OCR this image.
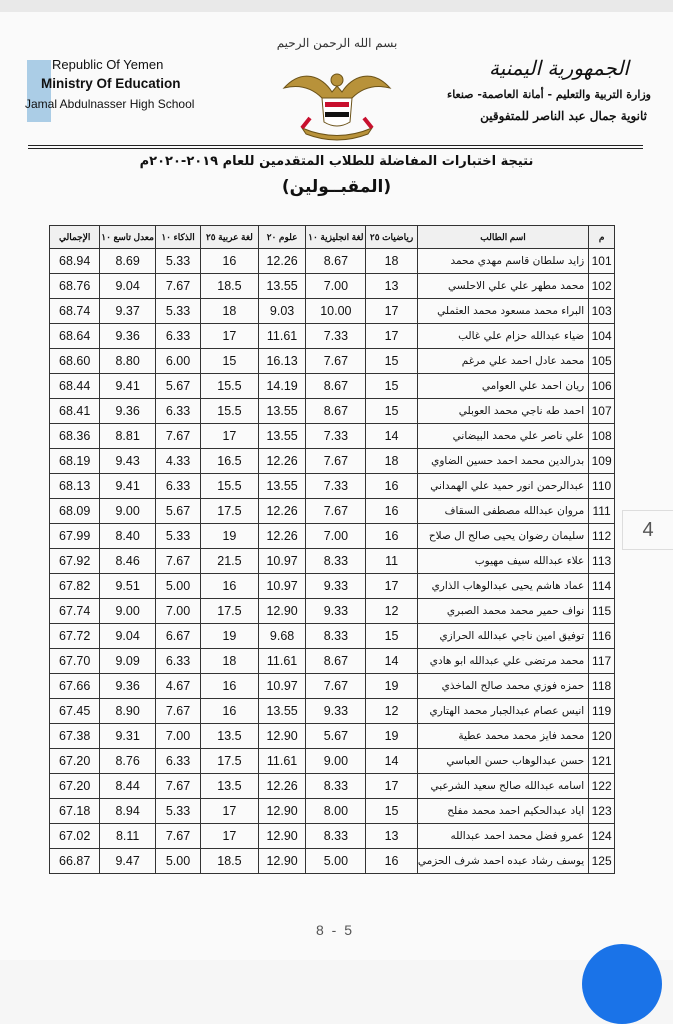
Republic Of Yemen
Ministry Of Education
Jamal Abdulnasser High School
بسم الله الرحمن الرحيم
الجمهورية اليمنية
وزارة التربية والتعليم - أمانة العاصمة- صنعاء
ثانوية جمال عبد الناصر للمتفوقين
نتيجة اختبارات المفاضلة للطلاب المتقدمين للعام ٢٠١٩-٢٠٢٠م
(المقبــولين)
م	اسم الطالب	رياضيات ٢٥	لغة انجليزية ١٠	علوم ٢٠	لغة عربية ٢٥	الذكاء ١٠	معدل تاسع ١٠	الإجمالي
101	زايد سلطان قاسم مهدي محمد	18	8.67	12.26	16	5.33	8.69	68.94
102	محمد مطهر علي علي الاحلسي	13	7.00	13.55	18.5	7.67	9.04	68.76
103	البراء محمد مسعود محمد العثملي	17	10.00	9.03	18	5.33	9.37	68.74
104	ضياء عبدالله حزام علي غالب	17	7.33	11.61	17	6.33	9.36	68.64
105	محمد عادل احمد علي مرغم	15	7.67	16.13	15	6.00	8.80	68.60
106	ريان احمد علي العوامي	15	8.67	14.19	15.5	5.67	9.41	68.44
107	احمد طه ناجي محمد العوبلي	15	8.67	13.55	15.5	6.33	9.36	68.41
108	علي ناصر علي محمد البيضاني	14	7.33	13.55	17	7.67	8.81	68.36
109	بدرالدين محمد احمد حسين الضاوي	18	7.67	12.26	16.5	4.33	9.43	68.19
110	عبدالرحمن انور حميد علي الهمداني	16	7.33	13.55	15.5	6.33	9.41	68.13
111	مروان عبدالله مصطفى السقاف	16	7.67	12.26	17.5	5.67	9.00	68.09
112	سليمان رضوان يحيى صالح ال صلاح	16	7.00	12.26	19	5.33	8.40	67.99
113	علاء عبدالله سيف مهيوب	11	8.33	10.97	21.5	7.67	8.46	67.92
114	عماد هاشم يحيى عبدالوهاب الذاري	17	9.33	10.97	16	5.00	9.51	67.82
115	نواف حمير محمد محمد الصبري	12	9.33	12.90	17.5	7.00	9.00	67.74
116	توفيق امين ناجي عبدالله الحرازي	15	8.33	9.68	19	6.67	9.04	67.72
117	محمد مرتضى علي عبدالله ابو هادي	14	8.67	11.61	18	6.33	9.09	67.70
118	حمزه فوزي محمد صالح الماخذي	19	7.67	10.97	16	4.67	9.36	67.66
119	انيس عصام عبدالجبار محمد الهتاري	12	9.33	13.55	16	7.67	8.90	67.45
120	محمد فايز محمد محمد عطية	19	5.67	12.90	13.5	7.00	9.31	67.38
121	حسن عبدالوهاب حسن العباسي	14	9.00	11.61	17.5	6.33	8.76	67.20
122	اسامه عبدالله صالح سعيد الشرعبي	17	8.33	12.26	13.5	7.67	8.44	67.20
123	اياد عبدالحكيم احمد محمد مفلح	15	8.00	12.90	17	5.33	8.94	67.18
124	عمرو فضل محمد احمد عبدالله	13	8.33	12.90	17	7.67	8.11	67.02
125	يوسف رشاد عبده احمد شرف الحزمي	16	5.00	12.90	18.5	5.00	9.47	66.87
4
8 - 5
